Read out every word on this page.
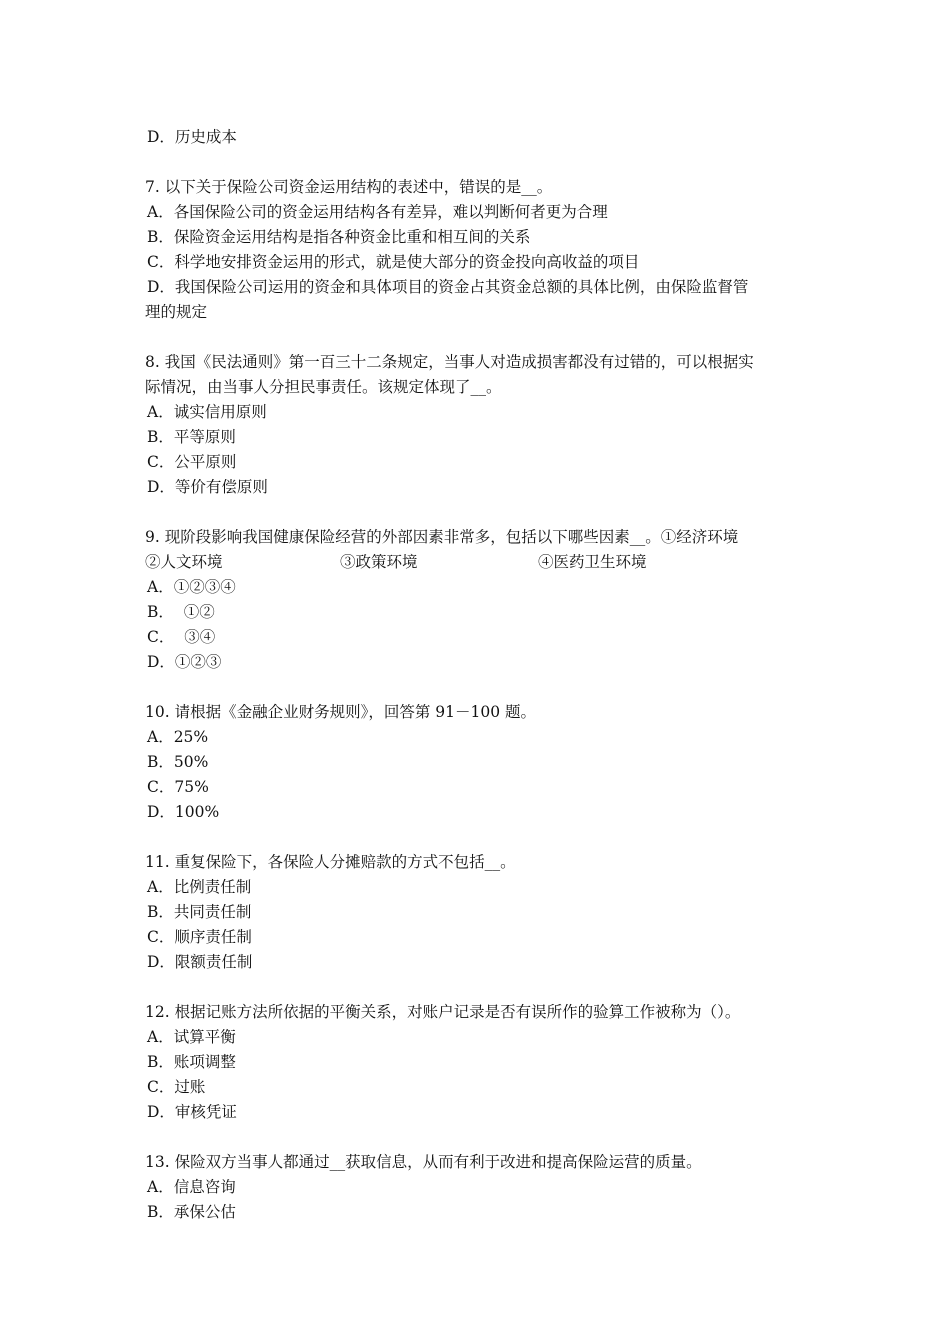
D．历史成本
7. 以下关于保险公司资金运用结构的表述中，错误的是__。
A．各国保险公司的资金运用结构各有差异，难以判断何者更为合理
B．保险资金运用结构是指各种资金比重和相互间的关系
C．科学地安排资金运用的形式，就是使大部分的资金投向高收益的项目
D．我国保险公司运用的资金和具体项目的资金占其资金总额的具体比例，由保险监督管
理的规定
8. 我国《民法通则》第一百三十二条规定，当事人对造成损害都没有过错的，可以根据实
际情况，由当事人分担民事责任。该规定体现了__。
A．诚实信用原则
B．平等原则
C．公平原则
D．等价有偿原则
9. 现阶段影响我国健康保险经营的外部因素非常多，包括以下哪些因素__。①经济环境
②人文环境	③政策环境	④医药卫生环境
A．①②③④
B．  ①②
C．  ③④
D．①②③
10. 请根据《金融企业财务规则》，回答第 91－100 题。
A．25%
B．50%
C．75%
D．100%
11. 重复保险下，各保险人分摊赔款的方式不包括__。
A．比例责任制
B．共同责任制
C．顺序责任制
D．限额责任制
12. 根据记账方法所依据的平衡关系，对账户记录是否有误所作的验算工作被称为（）。
A．试算平衡
B．账项调整
C．过账
D．审核凭证
13. 保险双方当事人都通过__获取信息，从而有利于改进和提高保险运营的质量。
A．信息咨询
B．承保公估
